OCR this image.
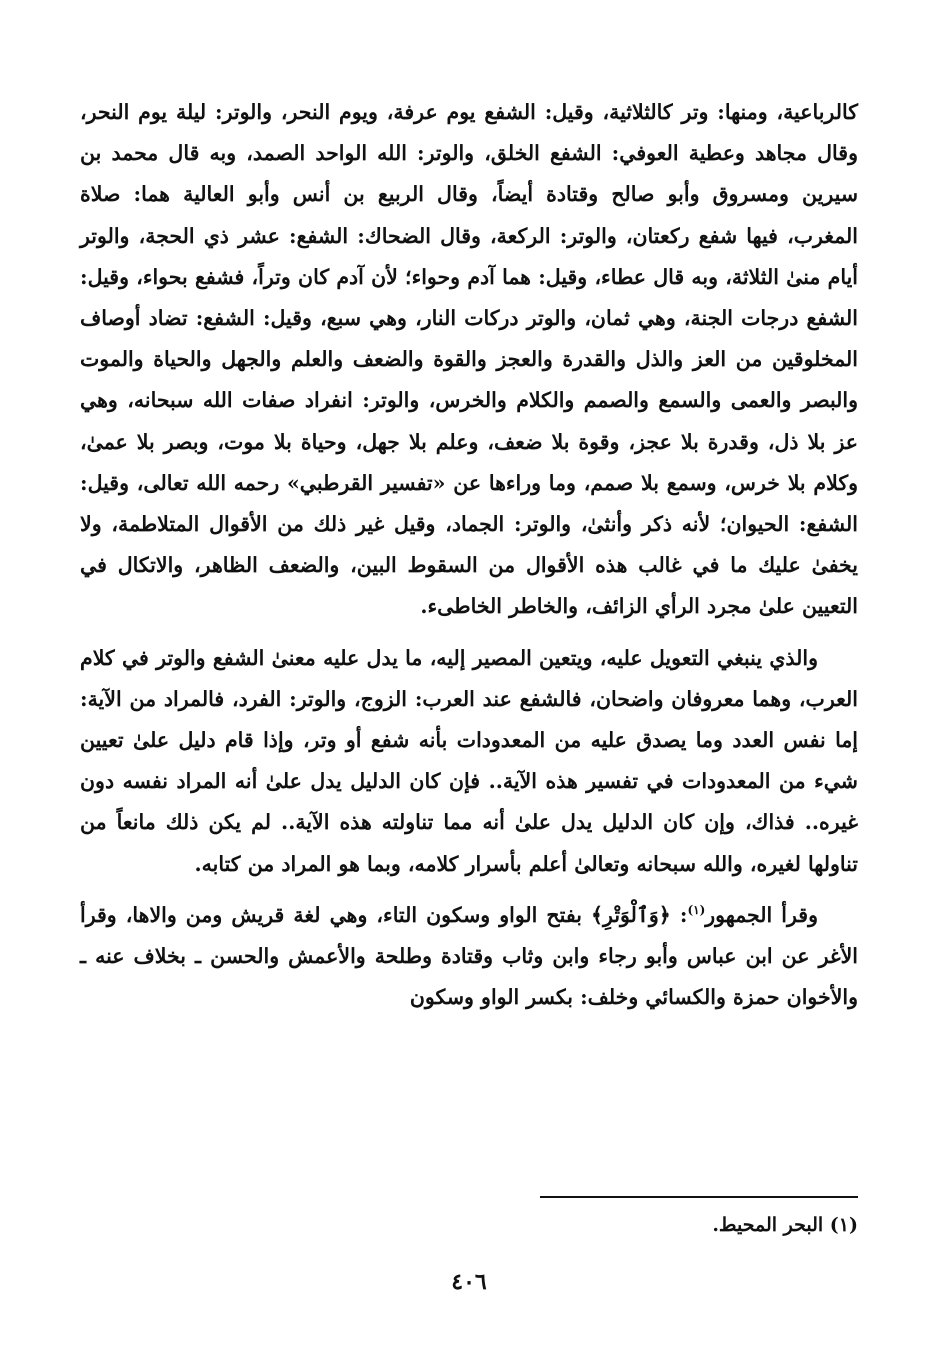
كالرباعية، ومنها: وتر كالثلاثية، وقيل: الشفع يوم عرفة، ويوم النحر، والوتر: ليلة يوم النحر، وقال مجاهد وعطية العوفي: الشفع الخلق، والوتر: الله الواحد الصمد، وبه قال محمد بن سيرين ومسروق وأبو صالح وقتادة أيضاً، وقال الربيع بن أنس وأبو العالية هما: صلاة المغرب، فيها شفع ركعتان، والوتر: الركعة، وقال الضحاك: الشفع: عشر ذي الحجة، والوتر أيام منىٰ الثلاثة، وبه قال عطاء، وقيل: هما آدم وحواء؛ لأن آدم كان وتراً، فشفع بحواء، وقيل: الشفع درجات الجنة، وهي ثمان، والوتر دركات النار، وهي سبع، وقيل: الشفع: تضاد أوصاف المخلوقين من العز والذل والقدرة والعجز والقوة والضعف والعلم والجهل والحياة والموت والبصر والعمى والسمع والصمم والكلام والخرس، والوتر: انفراد صفات الله سبحانه، وهي عز بلا ذل، وقدرة بلا عجز، وقوة بلا ضعف، وعلم بلا جهل، وحياة بلا موت، وبصر بلا عمىٰ، وكلام بلا خرس، وسمع بلا صمم، وما وراءها عن «تفسير القرطبي» رحمه الله تعالى، وقيل: الشفع: الحيوان؛ لأنه ذكر وأنثىٰ، والوتر: الجماد، وقيل غير ذلك من الأقوال المتلاطمة، ولا يخفىٰ عليك ما في غالب هذه الأقوال من السقوط البين، والضعف الظاهر، والاتكال في التعيين علىٰ مجرد الرأي الزائف، والخاطر الخاطىء.

والذي ينبغي التعويل عليه، ويتعين المصير إليه، ما يدل عليه معنىٰ الشفع والوتر في كلام العرب، وهما معروفان واضحان، فالشفع عند العرب: الزوج، والوتر: الفرد، فالمراد من الآية: إما نفس العدد وما يصدق عليه من المعدودات بأنه شفع أو وتر، وإذا قام دليل علىٰ تعيين شيء من المعدودات في تفسير هذه الآية.. فإن كان الدليل يدل علىٰ أنه المراد نفسه دون غيره.. فذاك، وإن كان الدليل يدل علىٰ أنه مما تناولته هذه الآية.. لم يكن ذلك مانعاً من تناولها لغيره، والله سبحانه وتعالىٰ أعلم بأسرار كلامه، وبما هو المراد من كتابه.

وقرأ الجمهور$^{(١)}$: ﴿وَٱلْوَتْرِ﴾ بفتح الواو وسكون التاء، وهي لغة قريش ومن والاها، وقرأ الأغر عن ابن عباس وأبو رجاء وابن وثاب وقتادة وطلحة والأعمش والحسن ـ بخلاف عنه ـ والأخوان حمزة والكسائي وخلف: بكسر الواو وسكون

(١) البحر المحيط.
٤٠٦
